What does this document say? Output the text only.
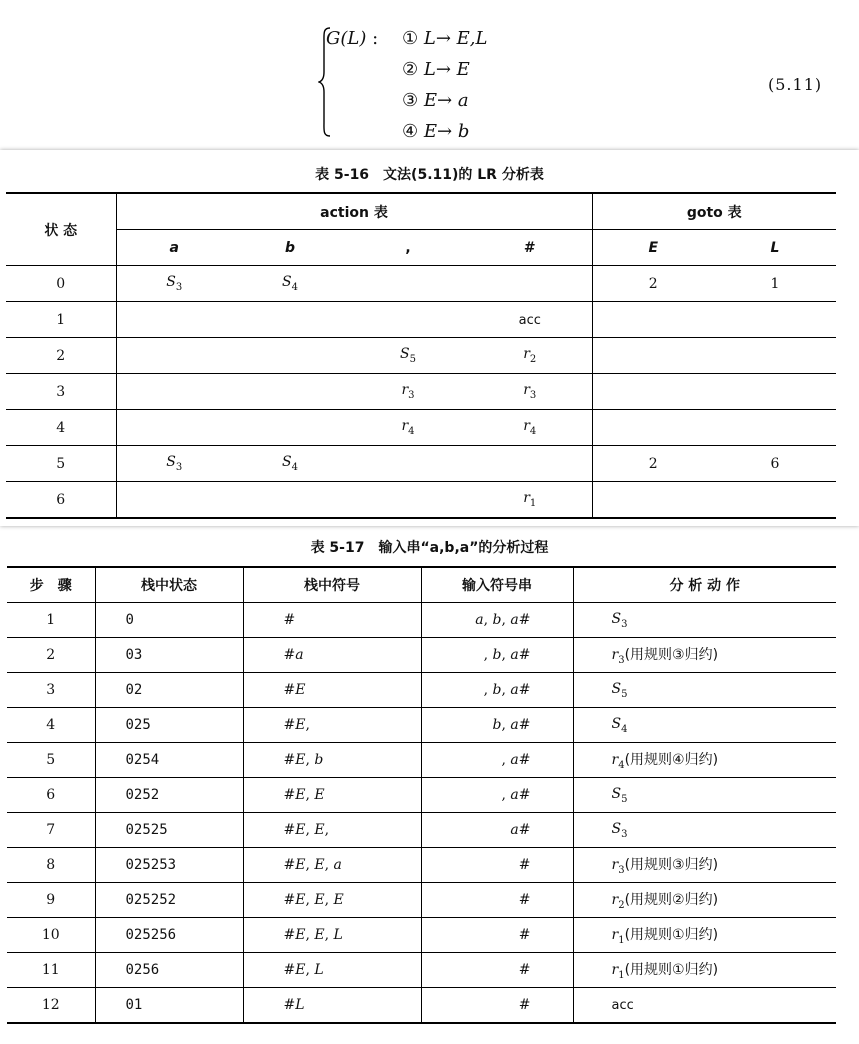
G(L) : ① L→ E,L
② L→ E
③ E→ a
④ E→ b
(5.11)
表 5-16　文法(5.11)的 LR 分析表
状 态	action 表				goto 表	
	a	b	,	#	E	L
0	$S_3$	$S_4$			2	1
1				acc		
2			$S_5$	$r_2$		
3			$r_3$	$r_3$		
4			$r_4$	$r_4$		
5	$S_3$	$S_4$			2	6
6				$r_1$		
表 5-17　输入串“a,b,a”的分析过程
步　骤	栈中状态	栈中符号	输入符号串	分 析 动 作
1	0	#	a, b, a#	$S_3$
2	03	#a	, b, a#	$r_3$(用规则③归约)
3	02	#E	, b, a#	$S_5$
4	025	#E,	b, a#	$S_4$
5	0254	#E, b	, a#	$r_4$(用规则④归约)
6	0252	#E, E	, a#	$S_5$
7	02525	#E, E,	a#	$S_3$
8	025253	#E, E, a	#	$r_3$(用规则③归约)
9	025252	#E, E, E	#	$r_2$(用规则②归约)
10	025256	#E, E, L	#	$r_1$(用规则①归约)
11	0256	#E, L	#	$r_1$(用规则①归约)
12	01	#L	#	acc
